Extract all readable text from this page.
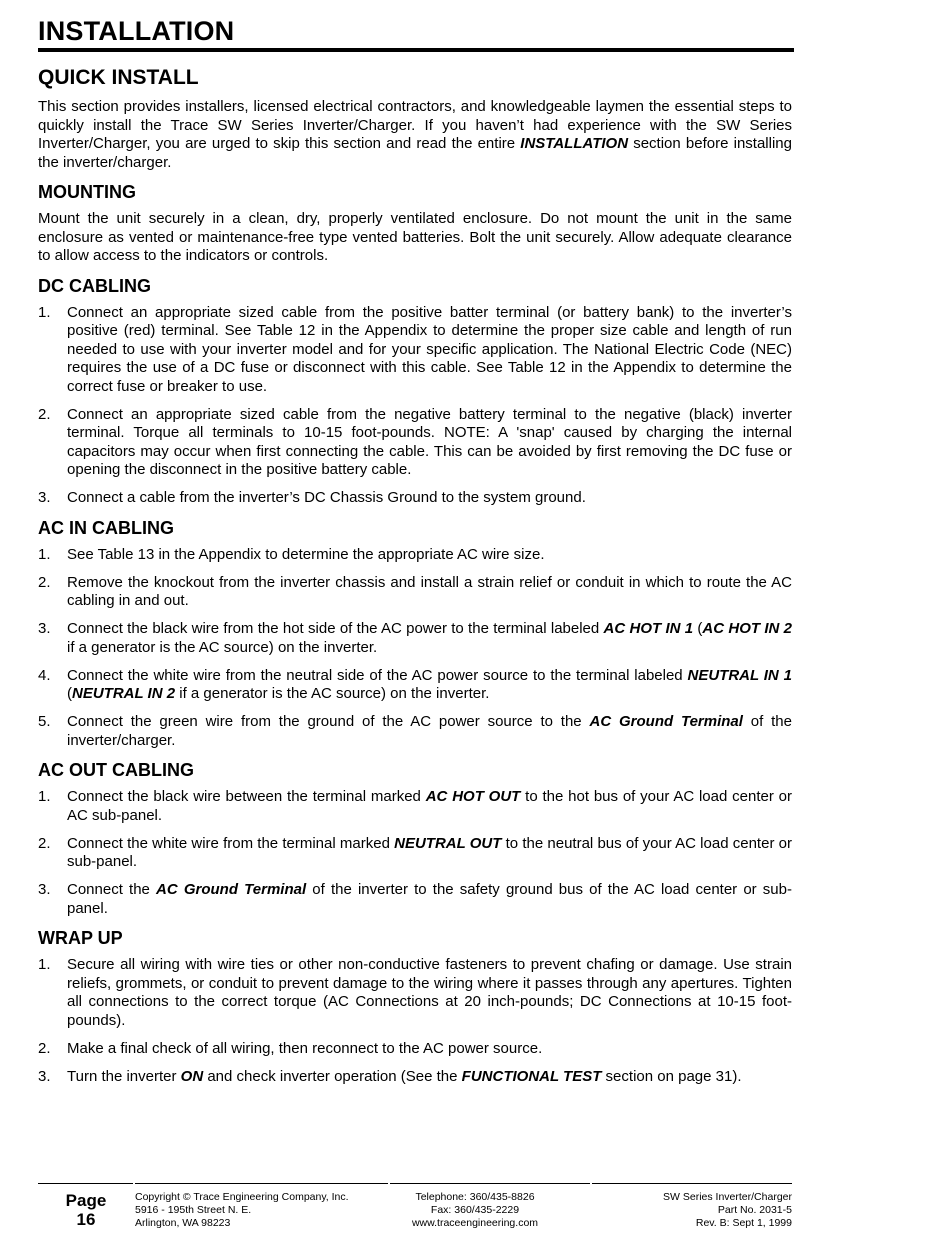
INSTALLATION
QUICK INSTALL

This section provides installers, licensed electrical contractors, and knowledgeable laymen the essential steps to quickly install the Trace SW Series Inverter/Charger. If you haven’t had experience with the SW Series Inverter/Charger, you are urged to skip this section and read the entire INSTALLATION section before installing the inverter/charger.

MOUNTING

Mount the unit securely in a clean, dry, properly ventilated enclosure. Do not mount the unit in the same enclosure as vented or maintenance-free type vented batteries. Bolt the unit securely. Allow adequate clearance to allow access to the indicators or controls.

DC CABLING
1. Connect an appropriate sized cable from the positive batter terminal (or battery bank) to the inverter’s positive (red) terminal. See Table 12 in the Appendix to determine the proper size cable and length of run needed to use with your inverter model and for your specific application. The National Electric Code (NEC) requires the use of a DC fuse or disconnect with this cable. See Table 12 in the Appendix to determine the correct fuse or breaker to use.
2. Connect an appropriate sized cable from the negative battery terminal to the negative (black) inverter terminal. Torque all terminals to 10-15 foot-pounds. NOTE: A 'snap' caused by charging the internal capacitors may occur when first connecting the cable. This can be avoided by first removing the DC fuse or opening the disconnect in the positive battery cable.
3. Connect a cable from the inverter’s DC Chassis Ground to the system ground.
AC IN CABLING
1. See Table 13 in the Appendix to determine the appropriate AC wire size.
2. Remove the knockout from the inverter chassis and install a strain relief or conduit in which to route the AC cabling in and out.
3. Connect the black wire from the hot side of the AC power to the terminal labeled AC HOT IN 1 (AC HOT IN 2 if a generator is the AC source) on the inverter.
4. Connect the white wire from the neutral side of the AC power source to the terminal labeled NEUTRAL IN 1 (NEUTRAL IN 2 if a generator is the AC source) on the inverter.
5. Connect the green wire from the ground of the AC power source to the AC Ground Terminal of the inverter/charger.
AC OUT CABLING
1. Connect the black wire between the terminal marked AC HOT OUT to the hot bus of your AC load center or AC sub-panel.
2. Connect the white wire from the terminal marked NEUTRAL OUT to the neutral bus of your AC load center or sub-panel.
3. Connect the AC Ground Terminal of the inverter to the safety ground bus of the AC load center or sub-panel.
WRAP UP
1. Secure all wiring with wire ties or other non-conductive fasteners to prevent chafing or damage. Use strain reliefs, grommets, or conduit to prevent damage to the wiring where it passes through any apertures. Tighten all connections to the correct torque (AC Connections at 20 inch-pounds; DC Connections at 10-15 foot-pounds).
2. Make a final check of all wiring, then reconnect to the AC power source.
3. Turn the inverter ON and check inverter operation (See the FUNCTIONAL TEST section on page 31).
Page
16
Copyright © Trace Engineering Company, Inc.
5916 - 195th Street N. E.
Arlington, WA 98223
Telephone: 360/435-8826
Fax: 360/435-2229
www.traceengineering.com
SW Series Inverter/Charger
Part No. 2031-5
Rev. B: Sept 1, 1999
